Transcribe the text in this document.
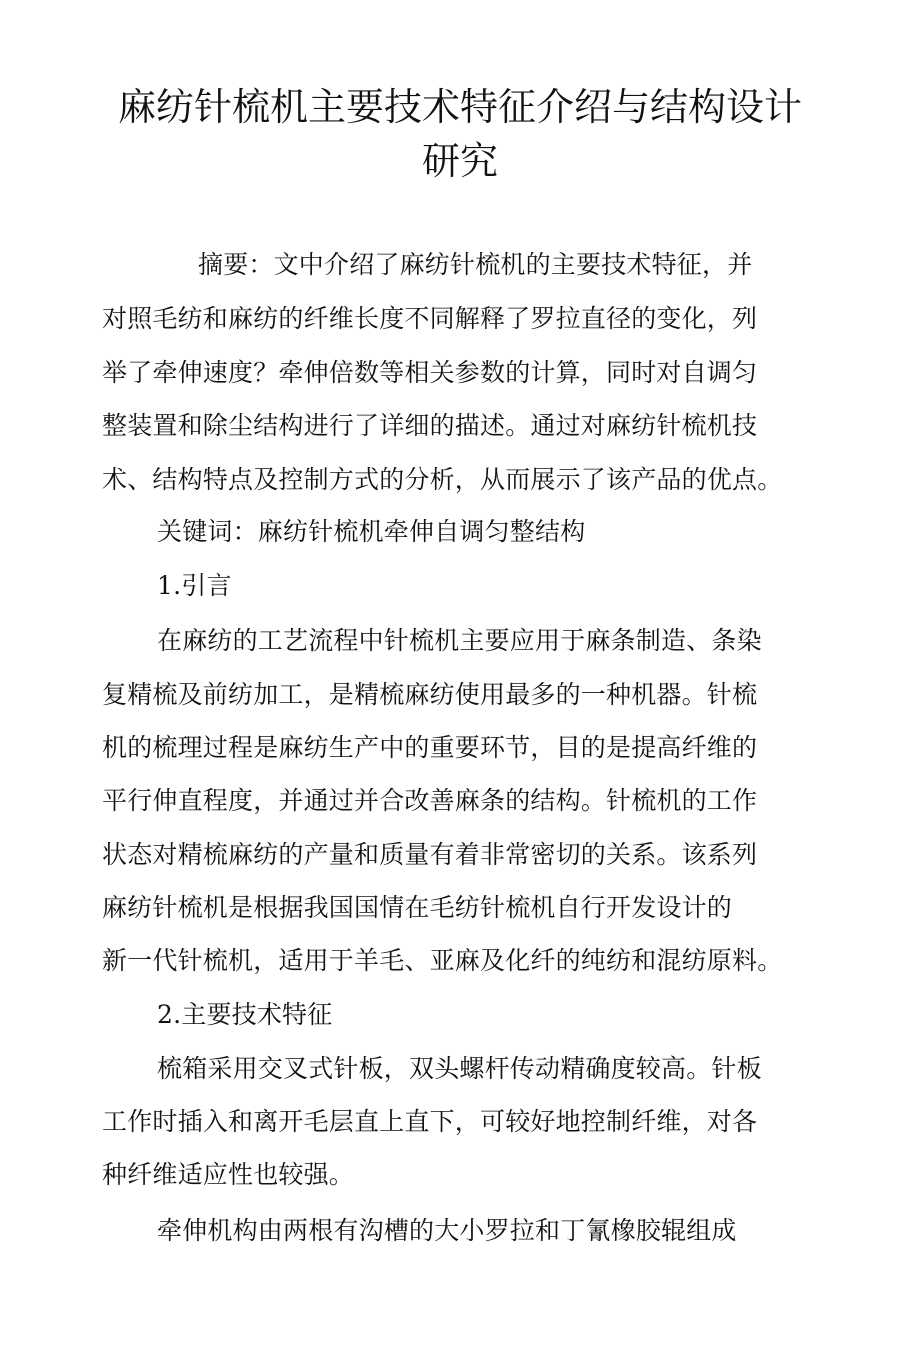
麻纺针梳机主要技术特征介绍与结构设计
研究

摘要：文中介绍了麻纺针梳机的主要技术特征，并

对照毛纺和麻纺的纤维长度不同解释了罗拉直径的变化，列

举了牵伸速度？牵伸倍数等相关参数的计算，同时对自调匀

整装置和除尘结构进行了详细的描述。通过对麻纺针梳机技

术、结构特点及控制方式的分析，从而展示了该产品的优点。

关键词：麻纺针梳机牵伸自调匀整结构

1.引言

在麻纺的工艺流程中针梳机主要应用于麻条制造、条染

复精梳及前纺加工，是精梳麻纺使用最多的一种机器。针梳

机的梳理过程是麻纺生产中的重要环节，目的是提高纤维的

平行伸直程度，并通过并合改善麻条的结构。针梳机的工作

状态对精梳麻纺的产量和质量有着非常密切的关系。该系列

麻纺针梳机是根据我国国情在毛纺针梳机自行开发设计的

新一代针梳机，适用于羊毛、亚麻及化纤的纯纺和混纺原料。

2.主要技术特征

梳箱采用交叉式针板，双头螺杆传动精确度较高。针板

工作时插入和离开毛层直上直下，可较好地控制纤维，对各

种纤维适应性也较强。

牵伸机构由两根有沟槽的大小罗拉和丁氰橡胶辊组成
